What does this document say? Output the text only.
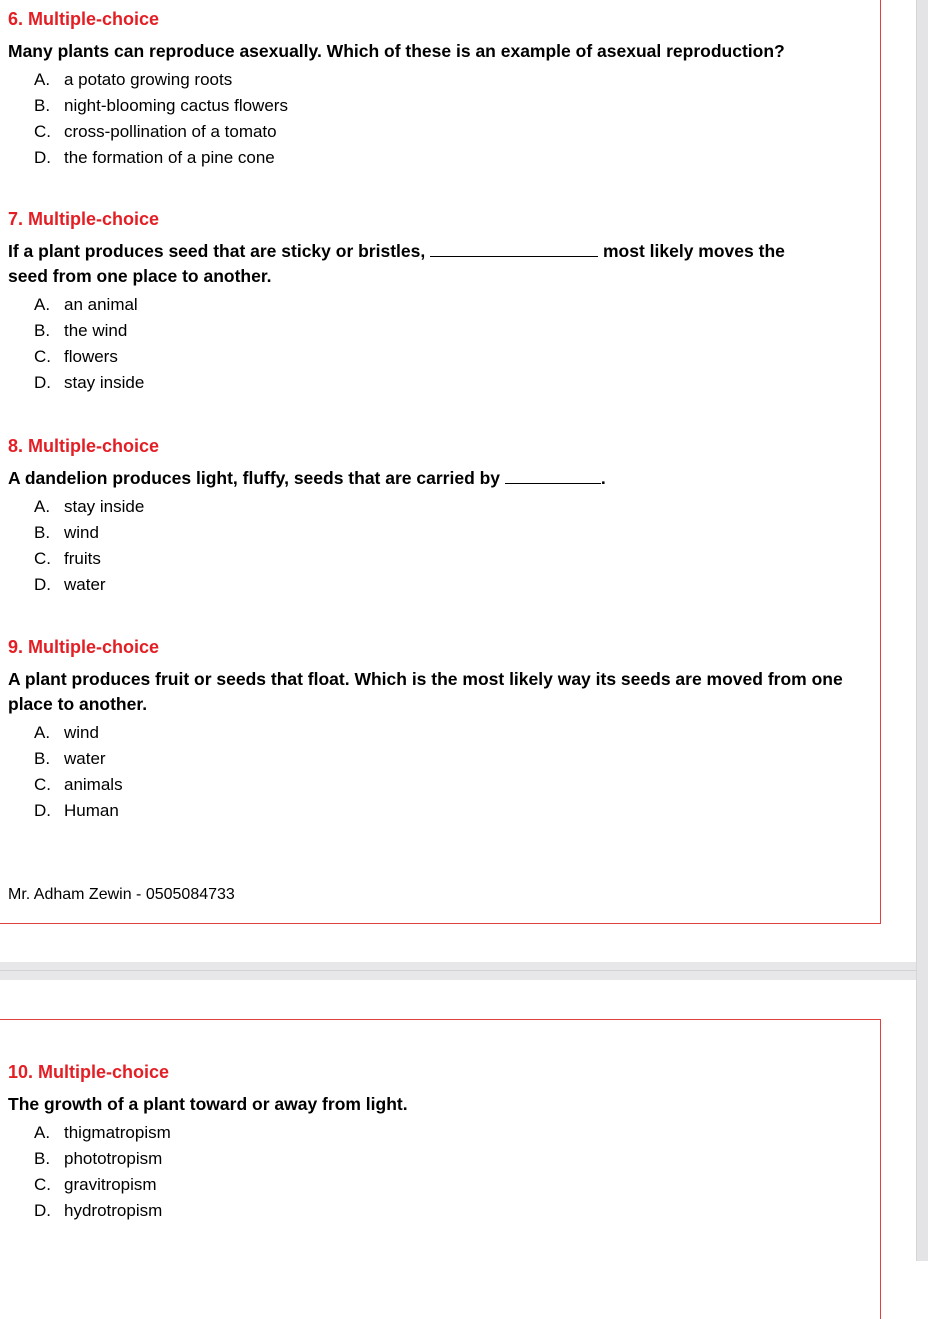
6. Multiple-choice
Many plants can reproduce asexually. Which of these is an example of asexual reproduction?
A. a potato growing roots
B. night-blooming cactus flowers
C. cross-pollination of a tomato
D. the formation of a pine cone
7. Multiple-choice
If a plant produces seed that are sticky or bristles,	most likely moves the seed from one place to another.
A. an animal
B. the wind
C. flowers
D. stay inside
8. Multiple-choice
A dandelion produces light, fluffy, seeds that are carried by	.
A. stay inside
B. wind
C. fruits
D. water
9. Multiple-choice
A plant produces fruit or seeds that float. Which is the most likely way its seeds are moved from one place to another.
A. wind
B. water
C. animals
D. Human
Mr. Adham Zewin - 0505084733
10. Multiple-choice
The growth of a plant toward or away from light.
A. thigmatropism
B. phototropism
C. gravitropism
D. hydrotropism
